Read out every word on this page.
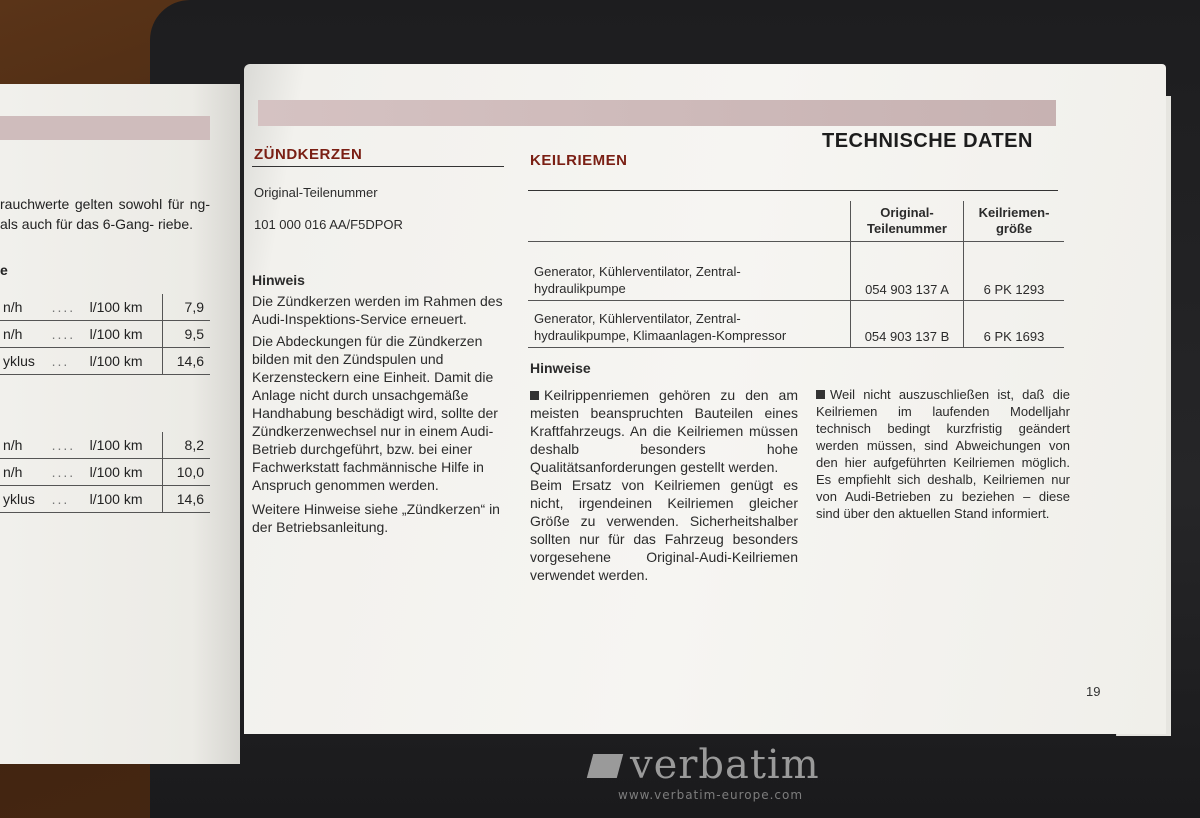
verbatim
www.verbatim-europe.com
rauchwerte gelten sowohl für ng- als auch für das 6-Gang- riebe.
e
n/h	....	l/100 km	7,9
n/h	....	l/100 km	9,5
yklus	...	l/100 km	14,6
n/h	....	l/100 km	8,2
n/h	....	l/100 km	10,0
yklus	...	l/100 km	14,6
TECHNISCHE DATEN
ZÜNDKERZEN
Original-Teilenummer
101 000 016 AA/F5DPOR
Hinweis
Die Zündkerzen werden im Rahmen des Audi-Inspektions-Service erneuert.
Die Abdeckungen für die Zündkerzen bilden mit den Zündspulen und Kerzensteckern eine Einheit. Damit die Anlage nicht durch unsachgemäße Handhabung beschädigt wird, sollte der Zündkerzenwechsel nur in einem Audi-Betrieb durchgeführt, bzw. bei einer Fachwerkstatt fachmännische Hilfe in Anspruch genommen werden.
Weitere Hinweise siehe „Zündkerzen“ in der Betriebsanleitung.
KEILRIEMEN
	Original-
Teilenummer	Keilriemen-
größe
Generator, Kühlerventilator, Zentral-
hydraulikpumpe	054 903 137 A	6 PK 1293
Generator, Kühlerventilator, Zentral-
hydraulikpumpe, Klimaanlagen-Kompressor	054 903 137 B	6 PK 1693
Hinweise
Keilrippenriemen gehören zu den am meisten beanspruchten Bauteilen eines Kraftfahrzeugs. An die Keilriemen müssen deshalb besonders hohe Qualitätsanforderungen gestellt werden.
Beim Ersatz von Keilriemen genügt es nicht, irgendeinen Keilriemen gleicher Größe zu verwenden. Sicherheitshalber sollten nur für das Fahrzeug besonders vorgesehene Original-Audi-Keilriemen verwendet werden.
Weil nicht auszuschließen ist, daß die Keilriemen im laufenden Modelljahr technisch bedingt kurzfristig geändert werden müssen, sind Abweichungen von den hier aufgeführten Keilriemen möglich. Es empfiehlt sich deshalb, Keilriemen nur von Audi-Betrieben zu beziehen – diese sind über den aktuellen Stand informiert.
19
